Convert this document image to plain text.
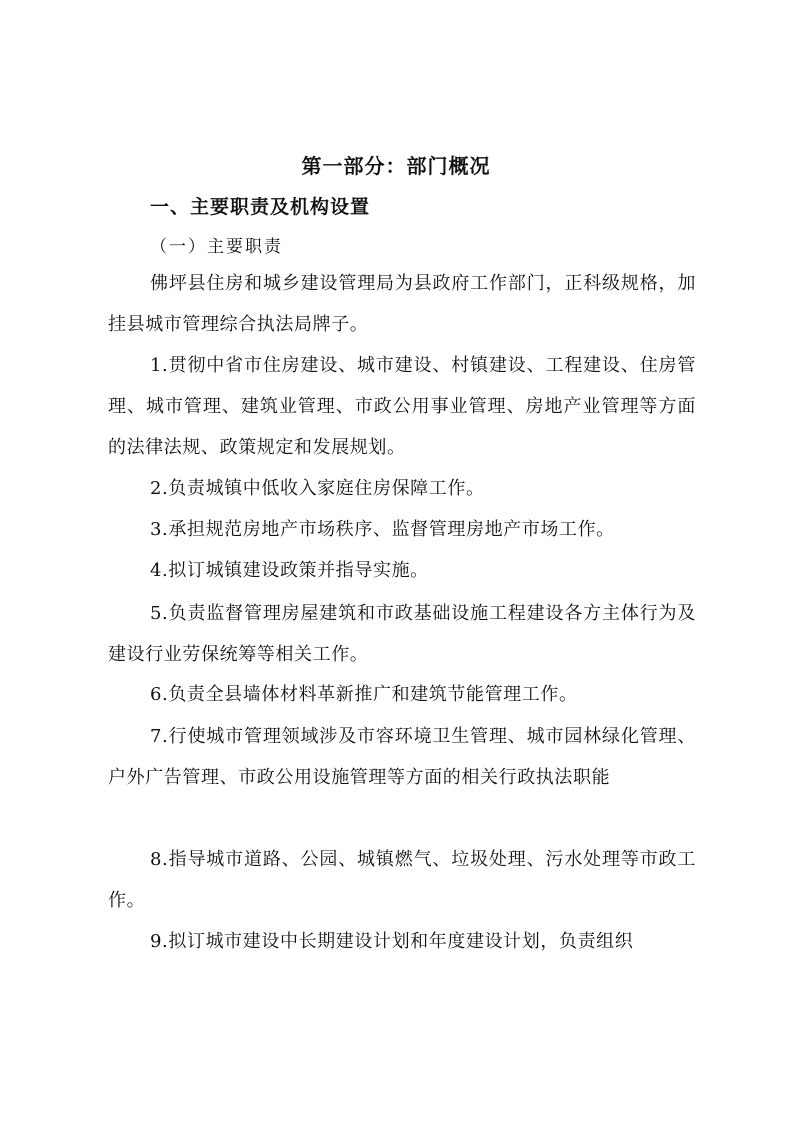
第一部分：部门概况
一、主要职责及机构设置
（一）主要职责

佛坪县住房和城乡建设管理局为县政府工作部门，正科级规格，加挂县城市管理综合执法局牌子。

1.贯彻中省市住房建设、城市建设、村镇建设、工程建设、住房管理、城市管理、建筑业管理、市政公用事业管理、房地产业管理等方面的法律法规、政策规定和发展规划。

2.负责城镇中低收入家庭住房保障工作。

3.承担规范房地产市场秩序、监督管理房地产市场工作。

4.拟订城镇建设政策并指导实施。

5.负责监督管理房屋建筑和市政基础设施工程建设各方主体行为及建设行业劳保统筹等相关工作。

6.负责全县墙体材料革新推广和建筑节能管理工作。

7.行使城市管理领域涉及市容环境卫生管理、城市园林绿化管理、户外广告管理、市政公用设施管理等方面的相关行政执法职能

8.指导城市道路、公园、城镇燃气、垃圾处理、污水处理等市政工作。

9.拟订城市建设中长期建设计划和年度建设计划，负责组织
